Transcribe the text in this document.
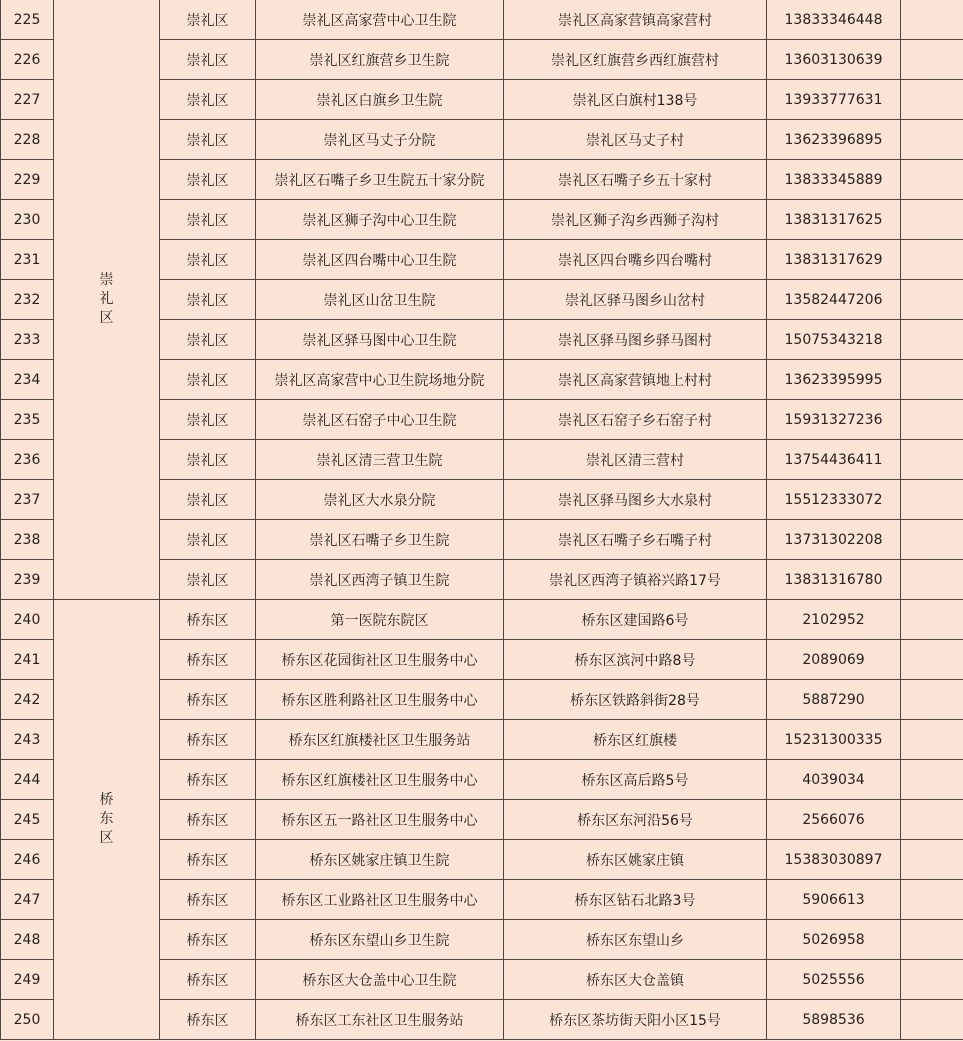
225	崇礼区	崇礼区	崇礼区高家营中心卫生院	崇礼区高家营镇高家营村	13833346448	
226		崇礼区	崇礼区红旗营乡卫生院	崇礼区红旗营乡西红旗营村	13603130639	
227		崇礼区	崇礼区白旗乡卫生院	崇礼区白旗村138号	13933777631	
228		崇礼区	崇礼区马丈子分院	崇礼区马丈子村	13623396895	
229		崇礼区	崇礼区石嘴子乡卫生院五十家分院	崇礼区石嘴子乡五十家村	13833345889	
230		崇礼区	崇礼区狮子沟中心卫生院	崇礼区狮子沟乡西狮子沟村	13831317625	
231		崇礼区	崇礼区四台嘴中心卫生院	崇礼区四台嘴乡四台嘴村	13831317629	
232		崇礼区	崇礼区山岔卫生院	崇礼区驿马图乡山岔村	13582447206	
233		崇礼区	崇礼区驿马图中心卫生院	崇礼区驿马图乡驿马图村	15075343218	
234		崇礼区	崇礼区高家营中心卫生院场地分院	崇礼区高家营镇地上村村	13623395995	
235		崇礼区	崇礼区石窑子中心卫生院	崇礼区石窑子乡石窑子村	15931327236	
236		崇礼区	崇礼区清三营卫生院	崇礼区清三营村	13754436411	
237		崇礼区	崇礼区大水泉分院	崇礼区驿马图乡大水泉村	15512333072	
238		崇礼区	崇礼区石嘴子乡卫生院	崇礼区石嘴子乡石嘴子村	13731302208	
239		崇礼区	崇礼区西湾子镇卫生院	崇礼区西湾子镇裕兴路17号	13831316780	
240	桥东区	桥东区	第一医院东院区	桥东区建国路6号	2102952	
241		桥东区	桥东区花园街社区卫生服务中心	桥东区滨河中路8号	2089069	
242		桥东区	桥东区胜利路社区卫生服务中心	桥东区铁路斜街28号	5887290	
243		桥东区	桥东区红旗楼社区卫生服务站	桥东区红旗楼	15231300335	
244		桥东区	桥东区红旗楼社区卫生服务中心	桥东区高后路5号	4039034	
245		桥东区	桥东区五一路社区卫生服务中心	桥东区东河沿56号	2566076	
246		桥东区	桥东区姚家庄镇卫生院	桥东区姚家庄镇	15383030897	
247		桥东区	桥东区工业路社区卫生服务中心	桥东区钻石北路3号	5906613	
248		桥东区	桥东区东望山乡卫生院	桥东区东望山乡	5026958	
249		桥东区	桥东区大仓盖中心卫生院	桥东区大仓盖镇	5025556	
250		桥东区	桥东区工东社区卫生服务站	桥东区茶坊街天阳小区15号	5898536	
